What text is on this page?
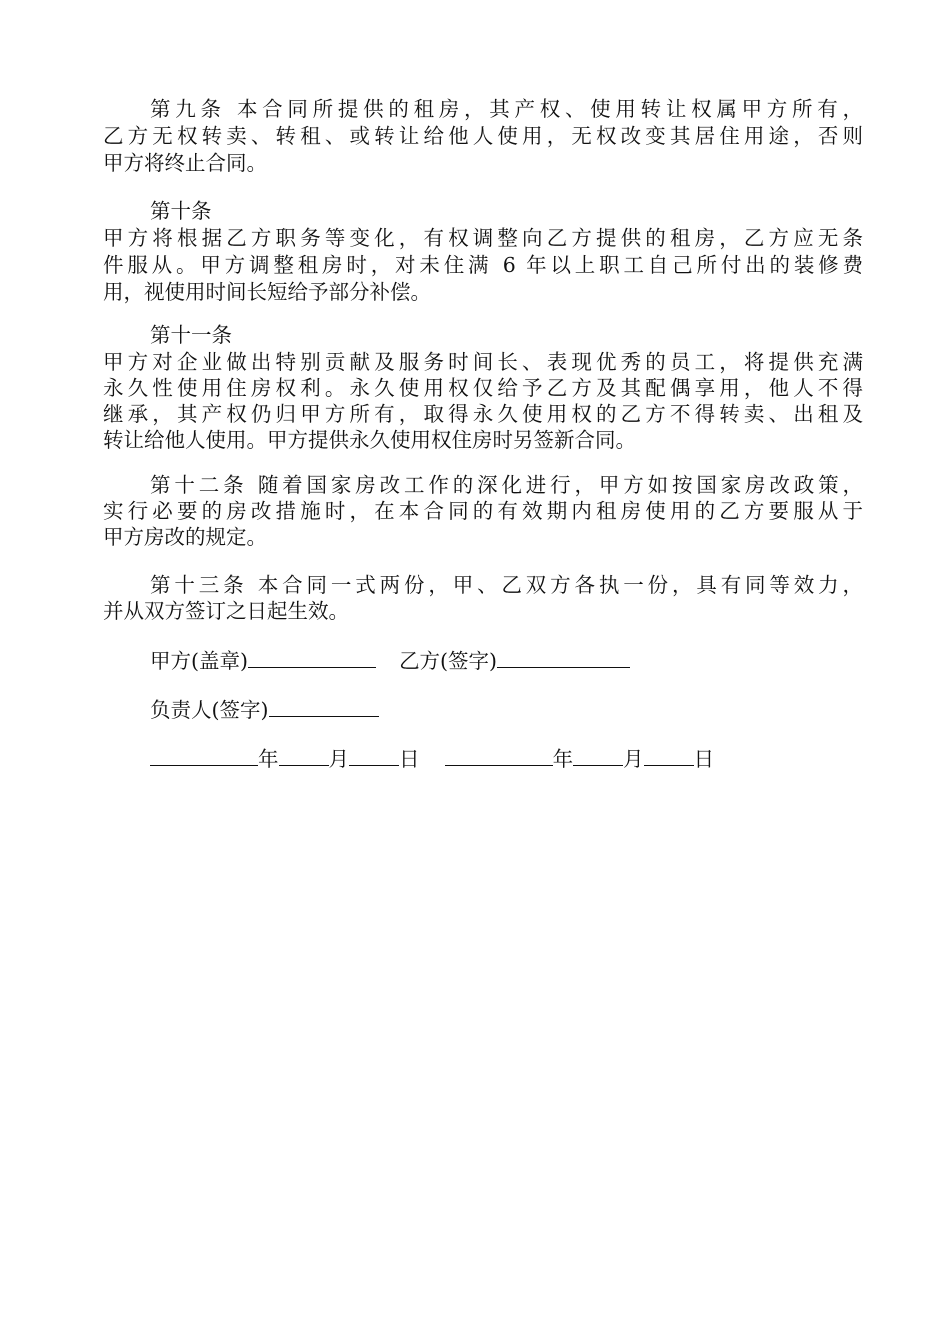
第九条 本合同所提供的租房，其产权、使用转让权属甲方所有，
乙方无权转卖、转租、或转让给他人使用，无权改变其居住用途，否则
甲方将终止合同。
第十条
甲方将根据乙方职务等变化，有权调整向乙方提供的租房，乙方应无条
件服从。甲方调整租房时，对未住满 6 年以上职工自己所付出的装修费
用，视使用时间长短给予部分补偿。
第十一条
甲方对企业做出特别贡献及服务时间长、表现优秀的员工，将提供充满
永久性使用住房权利。永久使用权仅给予乙方及其配偶享用，他人不得
继承，其产权仍归甲方所有，取得永久使用权的乙方不得转卖、出租及
转让给他人使用。甲方提供永久使用权住房时另签新合同。
第十二条 随着国家房改工作的深化进行，甲方如按国家房改政策，
实行必要的房改措施时，在本合同的有效期内租房使用的乙方要服从于
甲方房改的规定。
第十三条 本合同一式两份，甲、乙双方各执一份，具有同等效力，
并从双方签订之日起生效。
甲方(盖章)	乙方(签字)
负责人(签字)
年 月 日	年 月 日
